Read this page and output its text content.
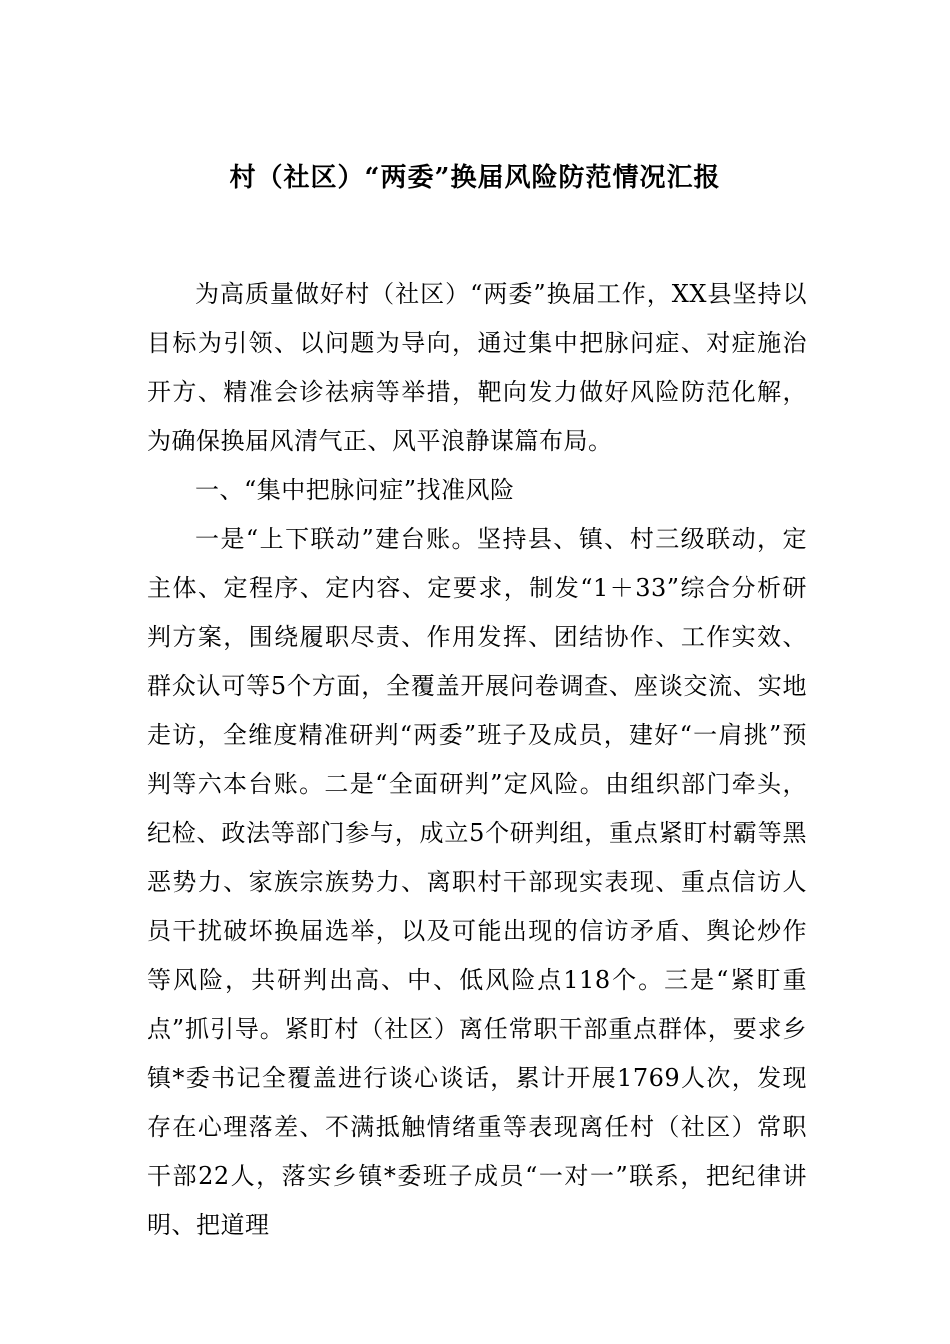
村（社区）“两委”换届风险防范情况汇报

为高质量做好村（社区）“两委”换届工作，XX县坚持以目标为引领、以问题为导向，通过集中把脉问症、对症施治开方、精准会诊祛病等举措，靶向发力做好风险防范化解，为确保换届风清气正、风平浪静谋篇布局。

一、“集中把脉问症”找准风险

一是“上下联动”建台账。坚持县、镇、村三级联动，定主体、定程序、定内容、定要求，制发“1＋33”综合分析研判方案，围绕履职尽责、作用发挥、团结协作、工作实效、群众认可等5个方面，全覆盖开展问卷调查、座谈交流、实地走访，全维度精准研判“两委”班子及成员，建好“一肩挑”预判等六本台账。二是“全面研判”定风险。由组织部门牵头，纪检、政法等部门参与，成立5个研判组，重点紧盯村霸等黑恶势力、家族宗族势力、离职村干部现实表现、重点信访人员干扰破坏换届选举，以及可能出现的信访矛盾、舆论炒作等风险，共研判出高、中、低风险点118个。三是“紧盯重点”抓引导。紧盯村（社区）离任常职干部重点群体，要求乡镇*委书记全覆盖进行谈心谈话，累计开展1769人次，发现存在心理落差、不满抵触情绪重等表现离任村（社区）常职干部22人，落实乡镇*委班子成员“一对一”联系，把纪律讲明、把道理
